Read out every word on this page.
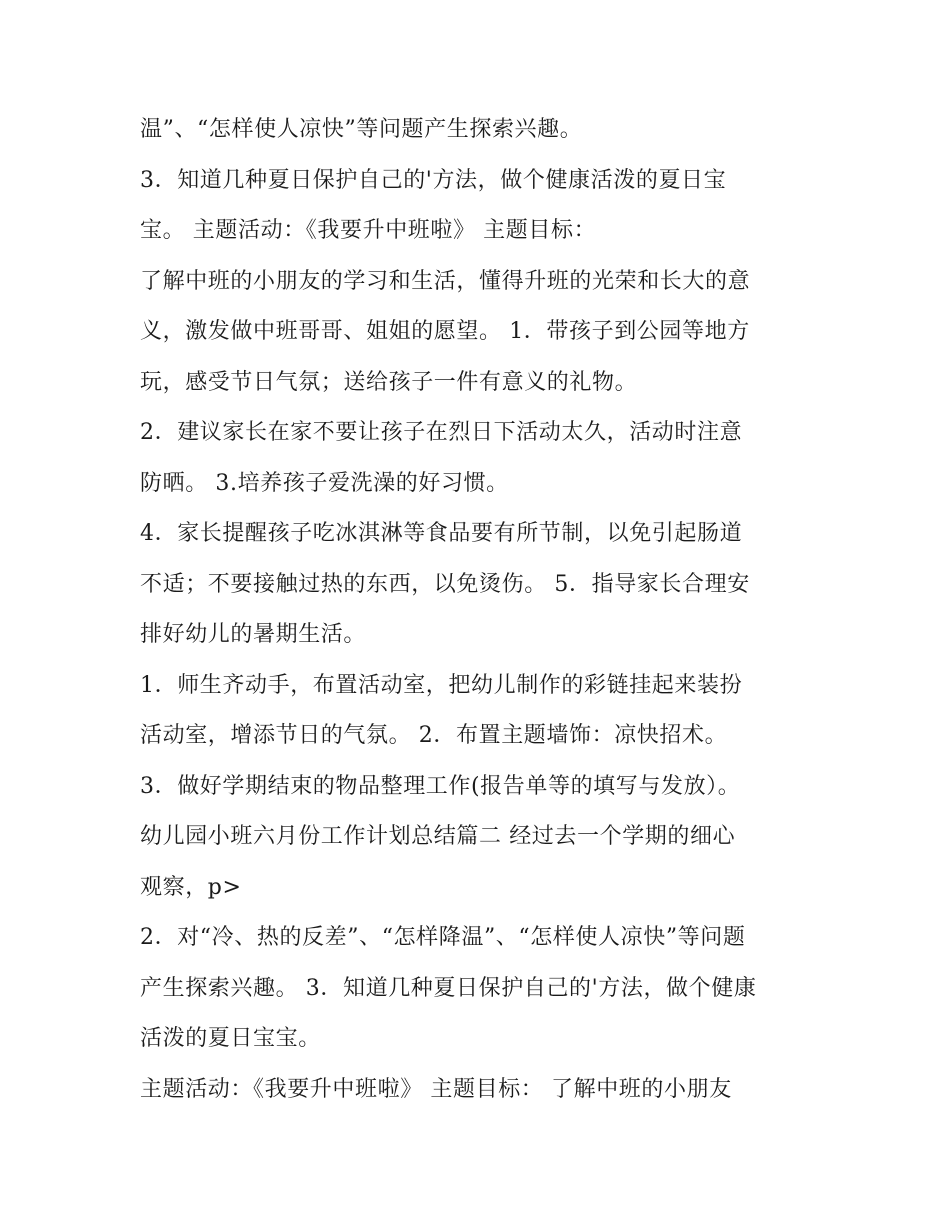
温”、“怎样使人凉快”等问题产生探索兴趣。
3．知道几种夏日保护自己的'方法，做个健康活泼的夏日宝
宝。 主题活动：《我要升中班啦》 主题目标：
了解中班的小朋友的学习和生活，懂得升班的光荣和长大的意
义，激发做中班哥哥、姐姐的愿望。 1．带孩子到公园等地方
玩，感受节日气氛；送给孩子一件有意义的礼物。
2．建议家长在家不要让孩子在烈日下活动太久，活动时注意
防晒。 3.培养孩子爱洗澡的好习惯。
4．家长提醒孩子吃冰淇淋等食品要有所节制，以免引起肠道
不适；不要接触过热的东西，以免烫伤。 5．指导家长合理安
排好幼儿的暑期生活。
1．师生齐动手，布置活动室，把幼儿制作的彩链挂起来装扮
活动室，增添节日的气氛。 2．布置主题墙饰：凉快招术。
3．做好学期结束的物品整理工作(报告单等的填写与发放）。
幼儿园小班六月份工作计划总结篇二 经过去一个学期的细心
观察，p>
2．对“冷、热的反差”、“怎样降温”、“怎样使人凉快”等问题
产生探索兴趣。 3．知道几种夏日保护自己的'方法，做个健康
活泼的夏日宝宝。
主题活动：《我要升中班啦》 主题目标： 了解中班的小朋友
